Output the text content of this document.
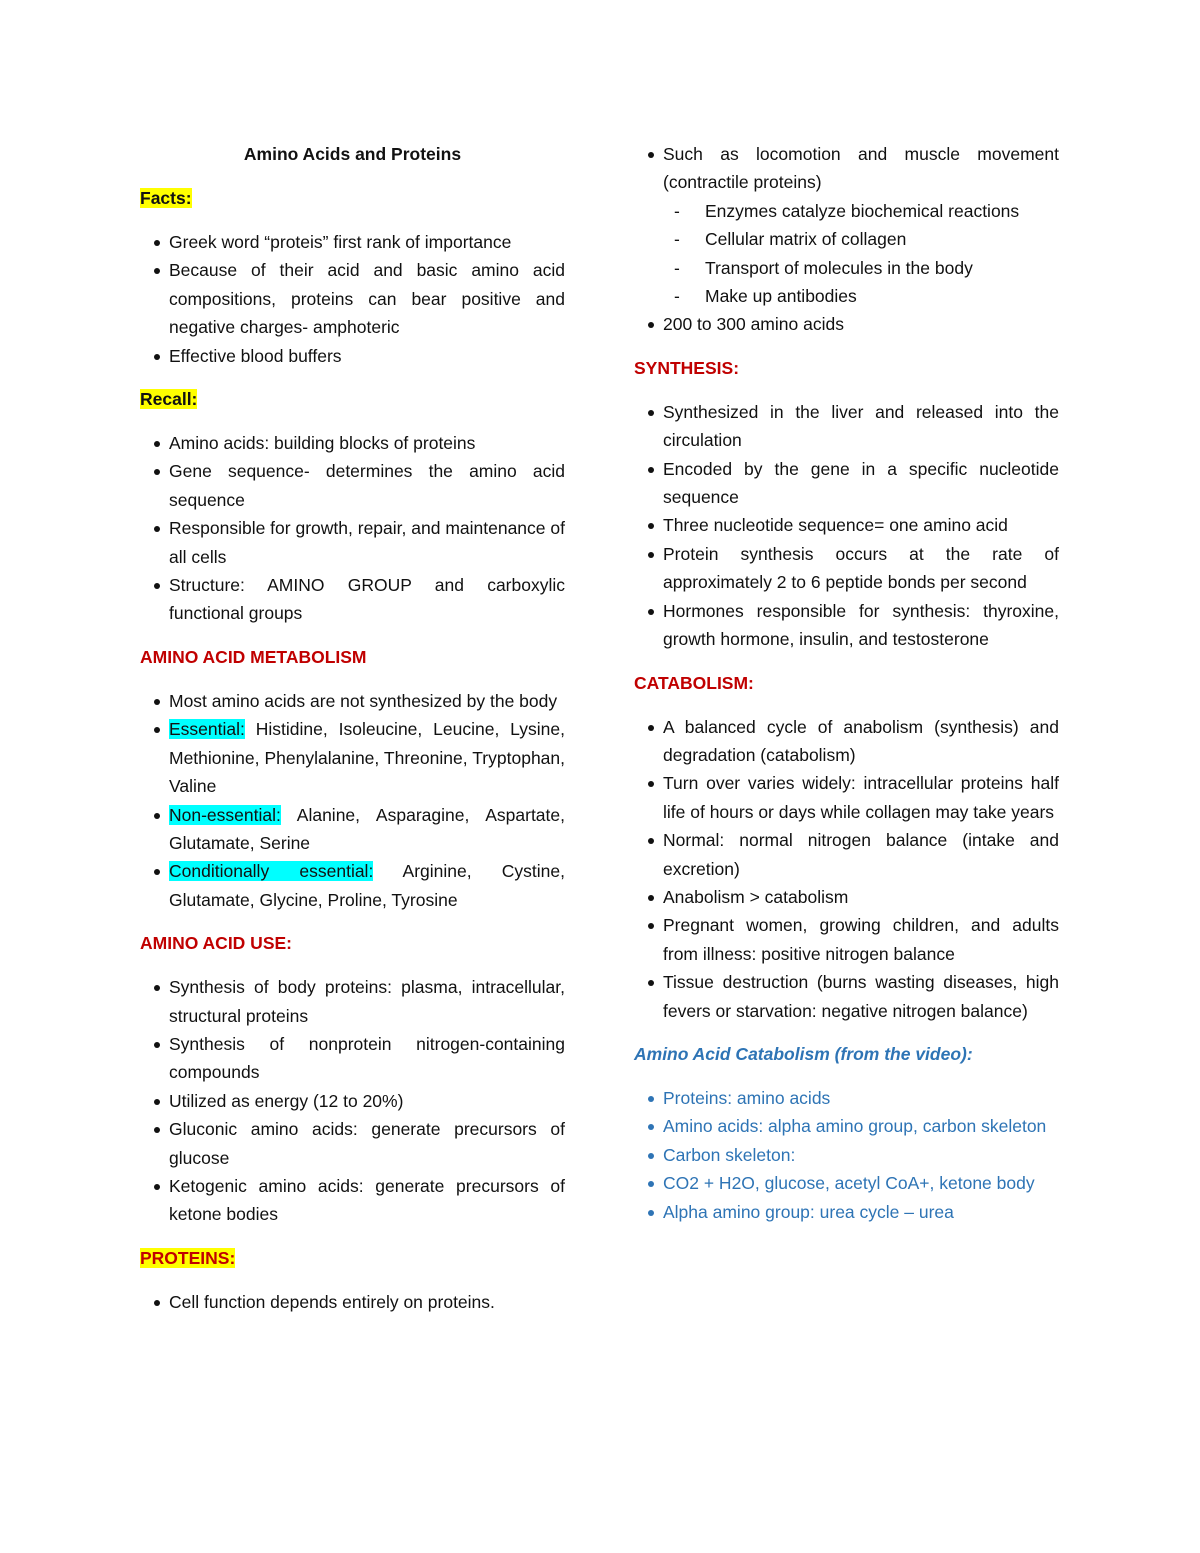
Amino Acids and Proteins
Facts:
Greek word “proteis” first rank of importance
Because of their acid and basic amino acid compositions, proteins can bear positive and negative charges- amphoteric
Effective blood buffers
Recall:
Amino acids: building blocks of proteins
Gene sequence- determines the amino acid sequence
Responsible for growth, repair, and maintenance of all cells
Structure: AMINO GROUP and carboxylic functional groups
AMINO ACID METABOLISM
Most amino acids are not synthesized by the body
Essential: Histidine, Isoleucine, Leucine, Lysine, Methionine, Phenylalanine, Threonine, Tryptophan, Valine
Non-essential: Alanine, Asparagine, Aspartate, Glutamate, Serine
Conditionally essential: Arginine, Cystine, Glutamate, Glycine, Proline, Tyrosine
AMINO ACID USE:
Synthesis of body proteins: plasma, intracellular, structural proteins
Synthesis of nonprotein nitrogen-containing compounds
Utilized as energy (12 to 20%)
Gluconic amino acids: generate precursors of glucose
Ketogenic amino acids: generate precursors of ketone bodies
PROTEINS:
Cell function depends entirely on proteins.
Such as locomotion and muscle movement (contractile proteins)
- Enzymes catalyze biochemical reactions
- Cellular matrix of collagen
- Transport of molecules in the body
- Make up antibodies
200 to 300 amino acids
SYNTHESIS:
Synthesized in the liver and released into the circulation
Encoded by the gene in a specific nucleotide sequence
Three nucleotide sequence= one amino acid
Protein synthesis occurs at the rate of approximately 2 to 6 peptide bonds per second
Hormones responsible for synthesis: thyroxine, growth hormone, insulin, and testosterone
CATABOLISM:
A balanced cycle of anabolism (synthesis) and degradation (catabolism)
Turn over varies widely: intracellular proteins half life of hours or days while collagen may take years
Normal: normal nitrogen balance (intake and excretion)
Anabolism > catabolism
Pregnant women, growing children, and adults from illness: positive nitrogen balance
Tissue destruction (burns wasting diseases, high fevers or starvation: negative nitrogen balance)
Amino Acid Catabolism (from the video):
Proteins: amino acids
Amino acids: alpha amino group, carbon skeleton
Carbon skeleton:
CO2 + H2O, glucose, acetyl CoA+, ketone body
Alpha amino group: urea cycle – urea
